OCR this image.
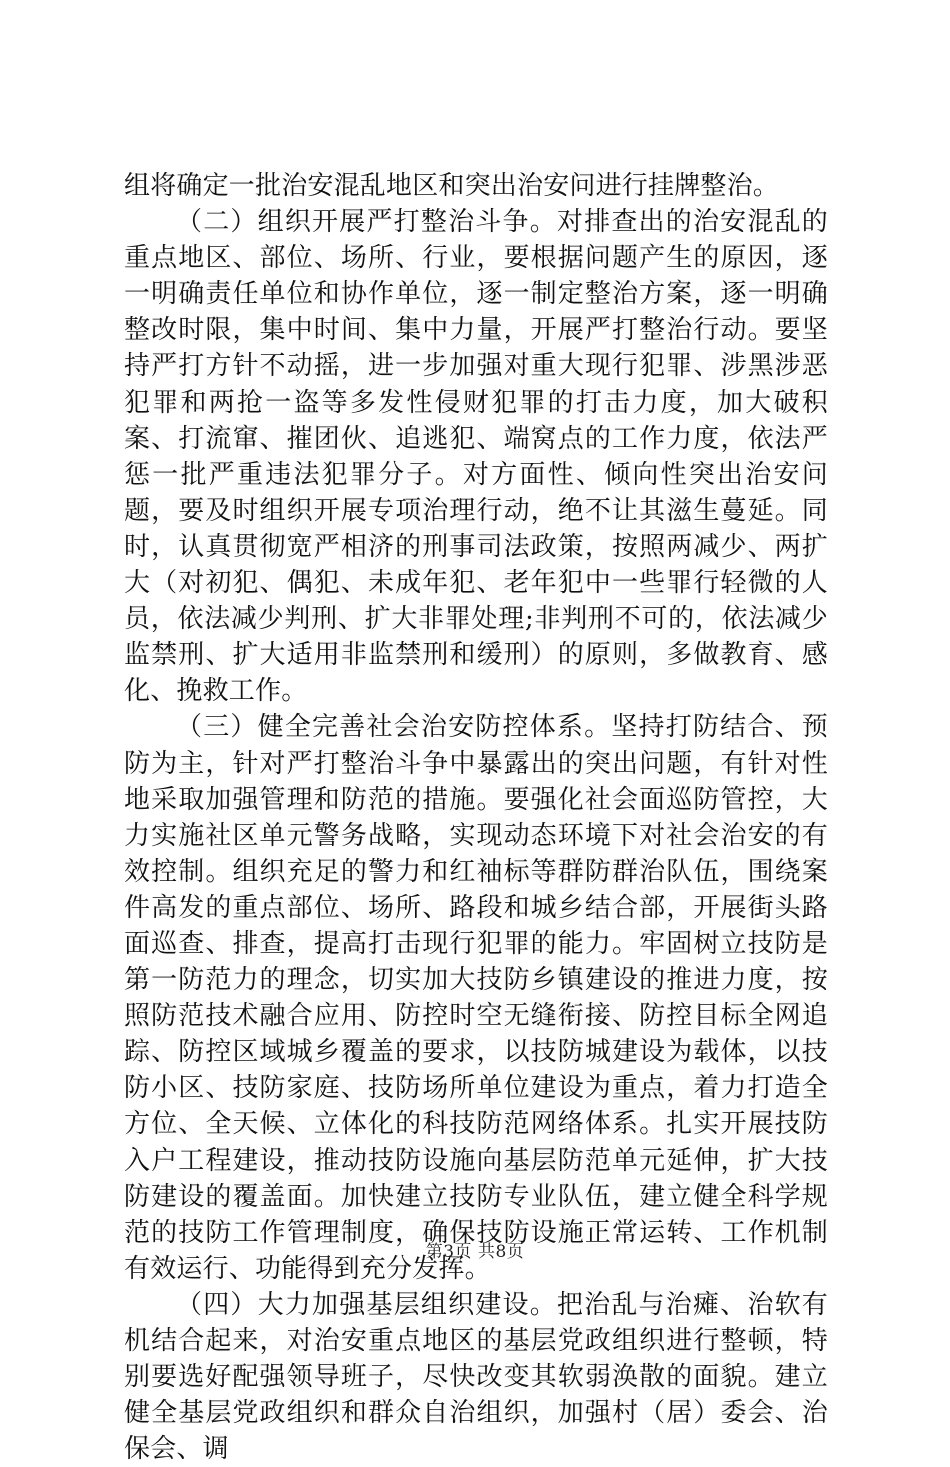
组将确定一批治安混乱地区和突出治安问进行挂牌整治。

（二）组织开展严打整治斗争。对排查出的治安混乱的重点地区、部位、场所、行业，要根据问题产生的原因，逐一明确责任单位和协作单位，逐一制定整治方案，逐一明确整改时限，集中时间、集中力量，开展严打整治行动。要坚持严打方针不动摇，进一步加强对重大现行犯罪、涉黑涉恶犯罪和两抢一盗等多发性侵财犯罪的打击力度，加大破积案、打流窜、摧团伙、追逃犯、端窝点的工作力度，依法严惩一批严重违法犯罪分子。对方面性、倾向性突出治安问题，要及时组织开展专项治理行动，绝不让其滋生蔓延。同时，认真贯彻宽严相济的刑事司法政策，按照两减少、两扩大（对初犯、偶犯、未成年犯、老年犯中一些罪行轻微的人员，依法减少判刑、扩大非罪处理;非判刑不可的，依法减少监禁刑、扩大适用非监禁刑和缓刑）的原则，多做教育、感化、挽救工作。

（三）健全完善社会治安防控体系。坚持打防结合、预防为主，针对严打整治斗争中暴露出的突出问题，有针对性地采取加强管理和防范的措施。要强化社会面巡防管控，大力实施社区单元警务战略，实现动态环境下对社会治安的有效控制。组织充足的警力和红袖标等群防群治队伍，围绕案件高发的重点部位、场所、路段和城乡结合部，开展街头路面巡查、排查，提高打击现行犯罪的能力。牢固树立技防是第一防范力的理念，切实加大技防乡镇建设的推进力度，按照防范技术融合应用、防控时空无缝衔接、防控目标全网追踪、防控区域城乡覆盖的要求，以技防城建设为载体，以技防小区、技防家庭、技防场所单位建设为重点，着力打造全方位、全天候、立体化的科技防范网络体系。扎实开展技防入户工程建设，推动技防设施向基层防范单元延伸，扩大技防建设的覆盖面。加快建立技防专业队伍，建立健全科学规范的技防工作管理制度，确保技防设施正常运转、工作机制有效运行、功能得到充分发挥。

（四）大力加强基层组织建设。把治乱与治瘫、治软有机结合起来，对治安重点地区的基层党政组织进行整顿，特别要选好配强领导班子，尽快改变其软弱涣散的面貌。建立健全基层党政组织和群众自治组织，加强村（居）委会、治保会、调

第3页 共8页
